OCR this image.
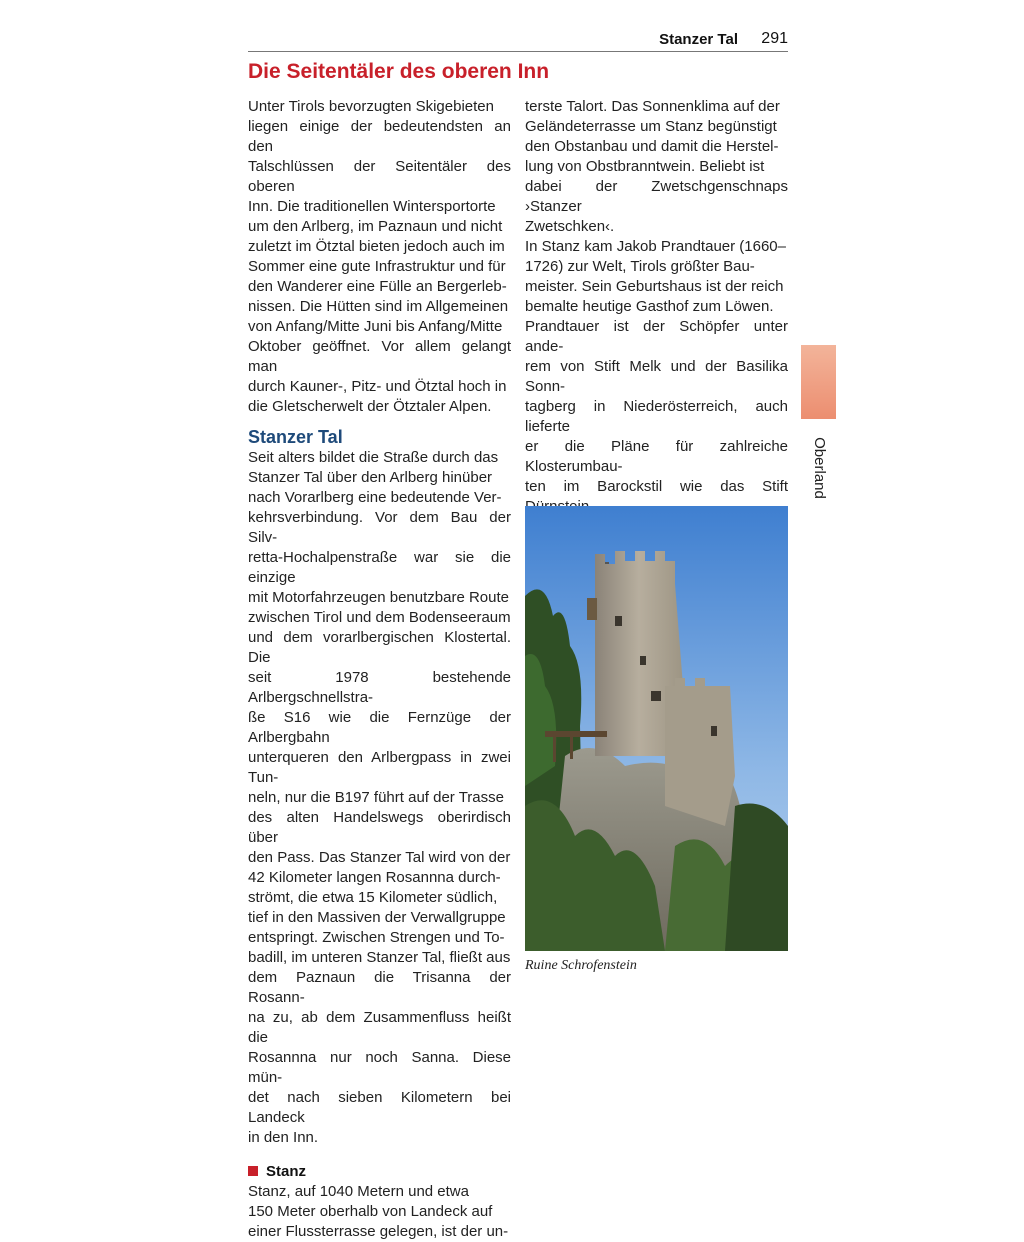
Stanzer Tal 291
Die Seitentäler des oberen Inn

Unter Tirols bevorzugten Skigebieten
liegen einige der bedeutendsten an den
Talschlüssen der Seitentäler des oberen
Inn. Die traditionellen Wintersportorte
um den Arlberg, im Paznaun und nicht
zuletzt im Ötztal bieten jedoch auch im
Sommer eine gute Infrastruktur und für
den Wanderer eine Fülle an Bergerleb-
nissen. Die Hütten sind im Allgemeinen
von Anfang/Mitte Juni bis Anfang/Mitte
Oktober geöffnet. Vor allem gelangt man
durch Kauner-, Pitz- und Ötztal hoch in
die Gletscherwelt der Ötztaler Alpen.

Stanzer Tal

Seit alters bildet die Straße durch das
Stanzer Tal über den Arlberg hinüber
nach Vorarlberg eine bedeutende Ver-
kehrsverbindung. Vor dem Bau der Silv-
retta-Hochalpenstraße war sie die einzige
mit Motorfahrzeugen benutzbare Route
zwischen Tirol und dem Bodenseeraum
und dem vorarlbergischen Klostertal. Die
seit 1978 bestehende Arlbergschnellstra-
ße S16 wie die Fernzüge der Arlbergbahn
unterqueren den Arlbergpass in zwei Tun-
neln, nur die B197 führt auf der Trasse
des alten Handelswegs oberirdisch über
den Pass. Das Stanzer Tal wird von der
42 Kilometer langen Rosannna durch-
strömt, die etwa 15 Kilometer südlich,
tief in den Massiven der Verwallgruppe
entspringt. Zwischen Strengen und To-
badill, im unteren Stanzer Tal, fließt aus
dem Paznaun die Trisanna der Rosann-
na zu, ab dem Zusammenfluss heißt die
Rosannna nur noch Sanna. Diese mün-
det nach sieben Kilometern bei Landeck
in den Inn.

Stanz

Stanz, auf 1040 Metern und etwa
150 Meter oberhalb von Landeck auf
einer Flussterrasse gelegen, ist der un-

terste Talort. Das Sonnenklima auf der
Geländeterrasse um Stanz begünstigt
den Obstanbau und damit die Herstel-
lung von Obstbranntwein. Beliebt ist
dabei der Zwetschgenschnaps ›Stanzer
Zwetschken‹.

In Stanz kam Jakob Prandtauer (1660–
1726) zur Welt, Tirols größter Bau-
meister. Sein Geburtshaus ist der reich
bemalte heutige Gasthof zum Löwen.
Prandtauer ist der Schöpfer unter ande-
rem von Stift Melk und der Basilika Sonn-
tagberg in Niederösterreich, auch lieferte
er die Pläne für zahlreiche Klosterumbau-
ten im Barockstil wie das Stift

Ruine Schrofenstein
Oberland
